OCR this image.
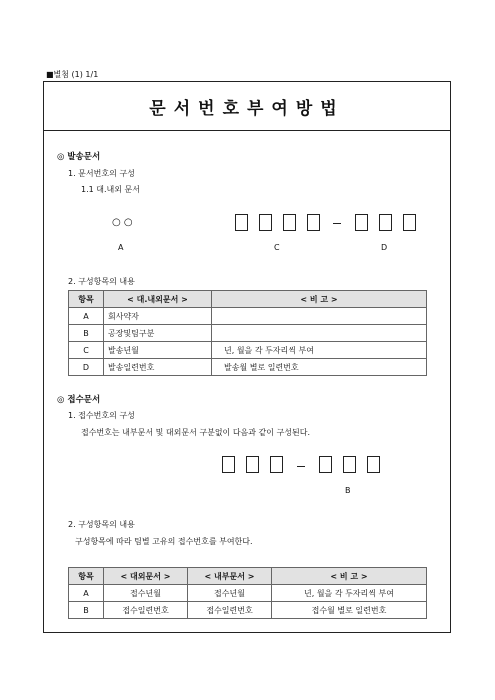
■별첨 (1) 1/1
문서번호부여방법
◎ 발송문서
1. 문서번호의 구성
1.1 대.내외 문서
○ ○
A	C	D
2. 구성항목의 내용
항목	< 대.내외문서 >	< 비 고 >
A	회사약자	
B	공장및팀구분	
C	발송년월	년, 월을 각 두자리씩 부여
D	발송일련번호	발송월 별로 일련번호
◎ 접수문서
1. 접수번호의 구성
접수번호는 내부문서 및 대외문서 구분없이 다음과 같이 구성된다.
B
2. 구성항목의 내용
구성항목에 따라 팀별 고유의 접수번호를 부여한다.
항목	< 대외문서 >	< 내부문서 >	< 비 고 >
A	접수년월	접수년월	년, 월을 각 두자리씩 부여
B	접수일련번호	접수일련번호	접수월 별로 일련번호
